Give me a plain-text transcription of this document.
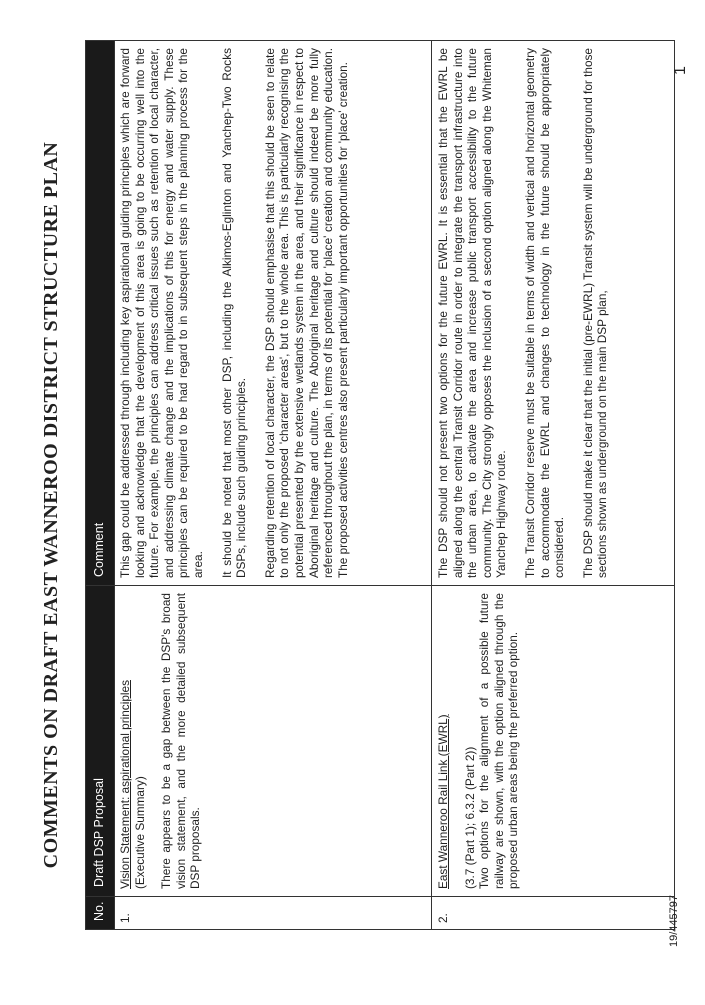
COMMENTS ON DRAFT EAST WANNEROO DISTRICT STRUCTURE PLAN
No.
Draft DSP Proposal
Comment
1.
Vision Statement: aspirational principles (Executive Summary) There appears to be a gap between the DSP's broad vision statement, and the more detailed subsequent DSP proposals.

This gap could be addressed through including key aspirational guiding principles which are forward looking and acknowledge that the development of this area is going to be occurring well into the future. For example, the principles can address critical issues such as retention of local character, and addressing climate change and the implications of this for energy and water supply. These principles can be required to be had regard to in subsequent steps in the planning process for the area. It should be noted that most other DSP, including the Alkimos-Eglinton and Yanchep-Two Rocks DSPs, include such guiding principles. Regarding retention of local character, the DSP should emphasise that this should be seen to relate to not only the proposed 'character areas', but to the whole area. This is particularly recognising the potential presented by the extensive wetlands system in the area, and their significance in respect to Aboriginal heritage and culture. The Aboriginal heritage and culture should indeed be more fully referenced throughout the plan, in terms of its potential for 'place' creation and community education. The proposed activities centres also present particularly important opportunities for 'place' creation.

2.
East Wanneroo Rail Link (EWRL) (3.7 (Part 1); 6.3.2 (Part 2)) Two options for the alignment of a possible future railway are shown, with the option aligned through the proposed urban areas being the preferred option.

The DSP should not present two options for the future EWRL. It is essential that the EWRL be aligned along the central Transit Corridor route in order to integrate the transport infrastructure into the urban area, to activate the area and increase public transport accessibility to the future community. The City strongly opposes the inclusion of a second option aligned along the Whiteman Yanchep Highway route. The Transit Corridor reserve must be suitable in terms of width and vertical and horizontal geometry to accommodate the EWRL and changes to technology in the future should be appropriately considered. The DSP should make it clear that the initial (pre-EWRL) Transit system will be underground for those sections shown as underground on the main DSP plan,

19/445797
1
